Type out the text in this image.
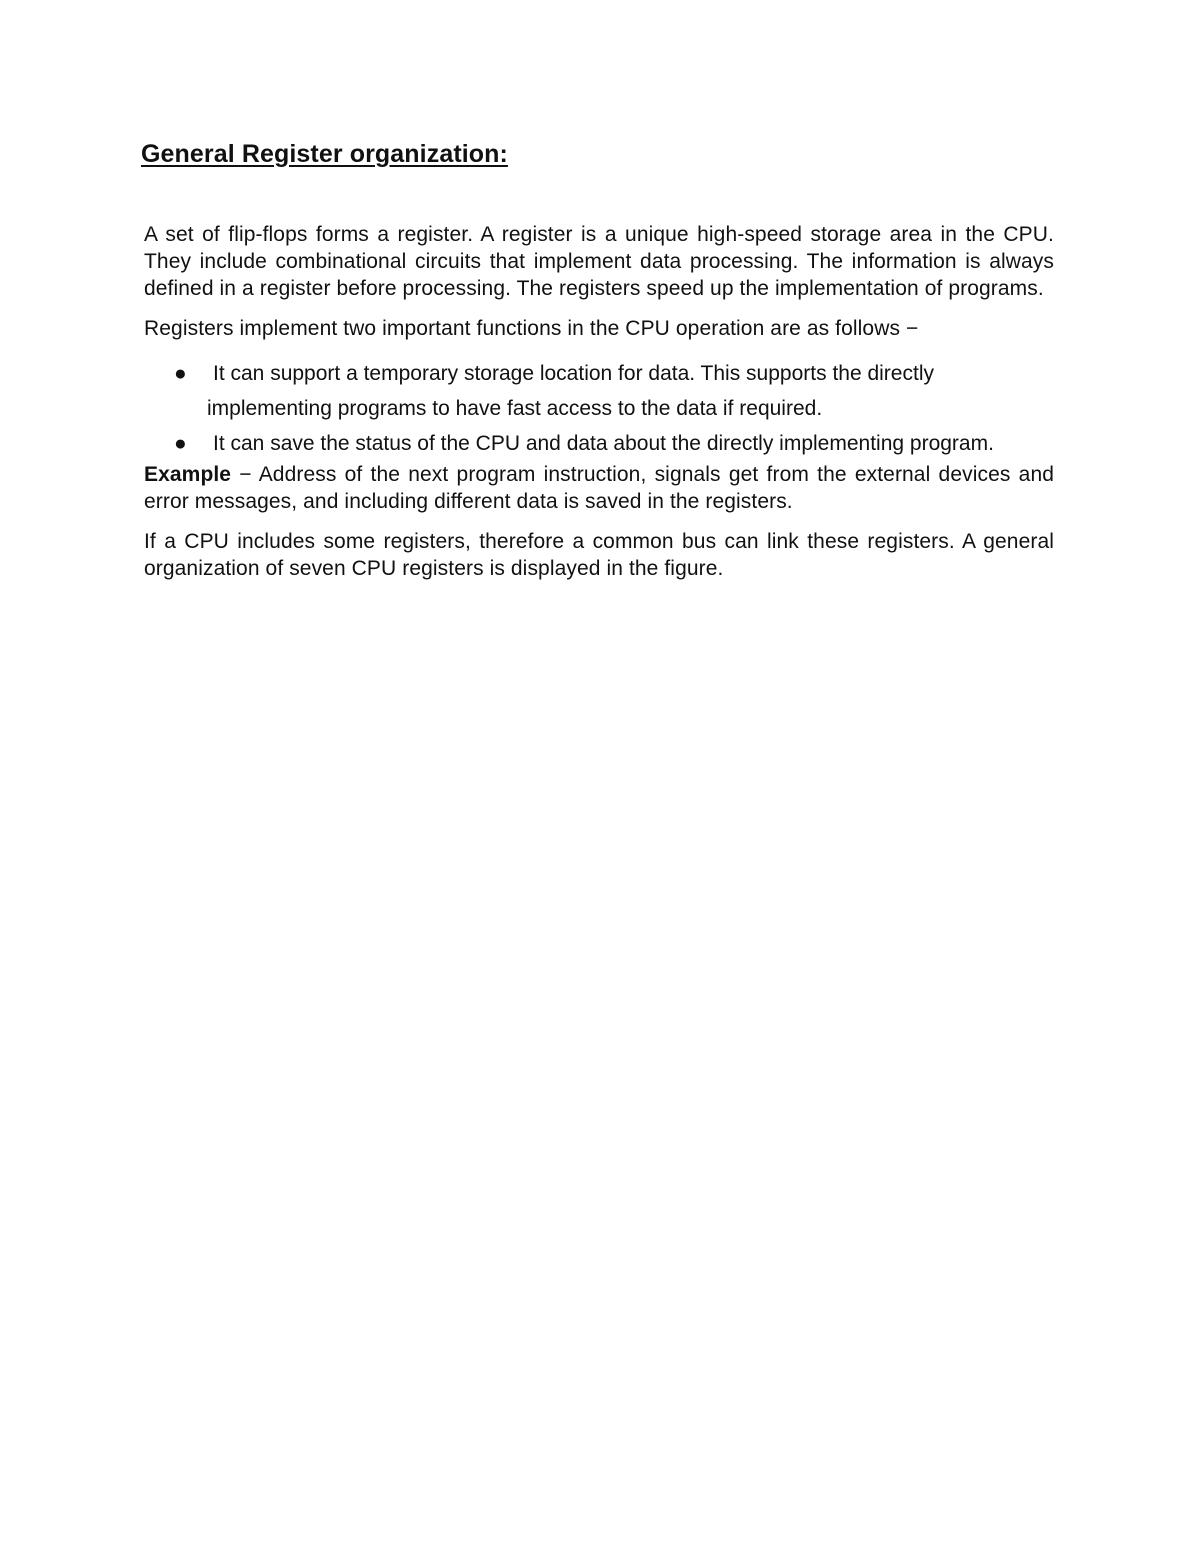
General Register organization:

A set of flip-flops forms a register. A register is a unique high-speed storage area in the CPU. They include combinational circuits that implement data processing. The information is always defined in a register before processing. The registers speed up the implementation of programs.

Registers implement two important functions in the CPU operation are as follows −

● It can support a temporary storage location for data. This supports the directly implementing programs to have fast access to the data if required.
● It can save the status of the CPU and data about the directly implementing program.

Example − Address of the next program instruction, signals get from the external devices and error messages, and including different data is saved in the registers.

If a CPU includes some registers, therefore a common bus can link these registers. A general organization of seven CPU registers is displayed in the figure.
